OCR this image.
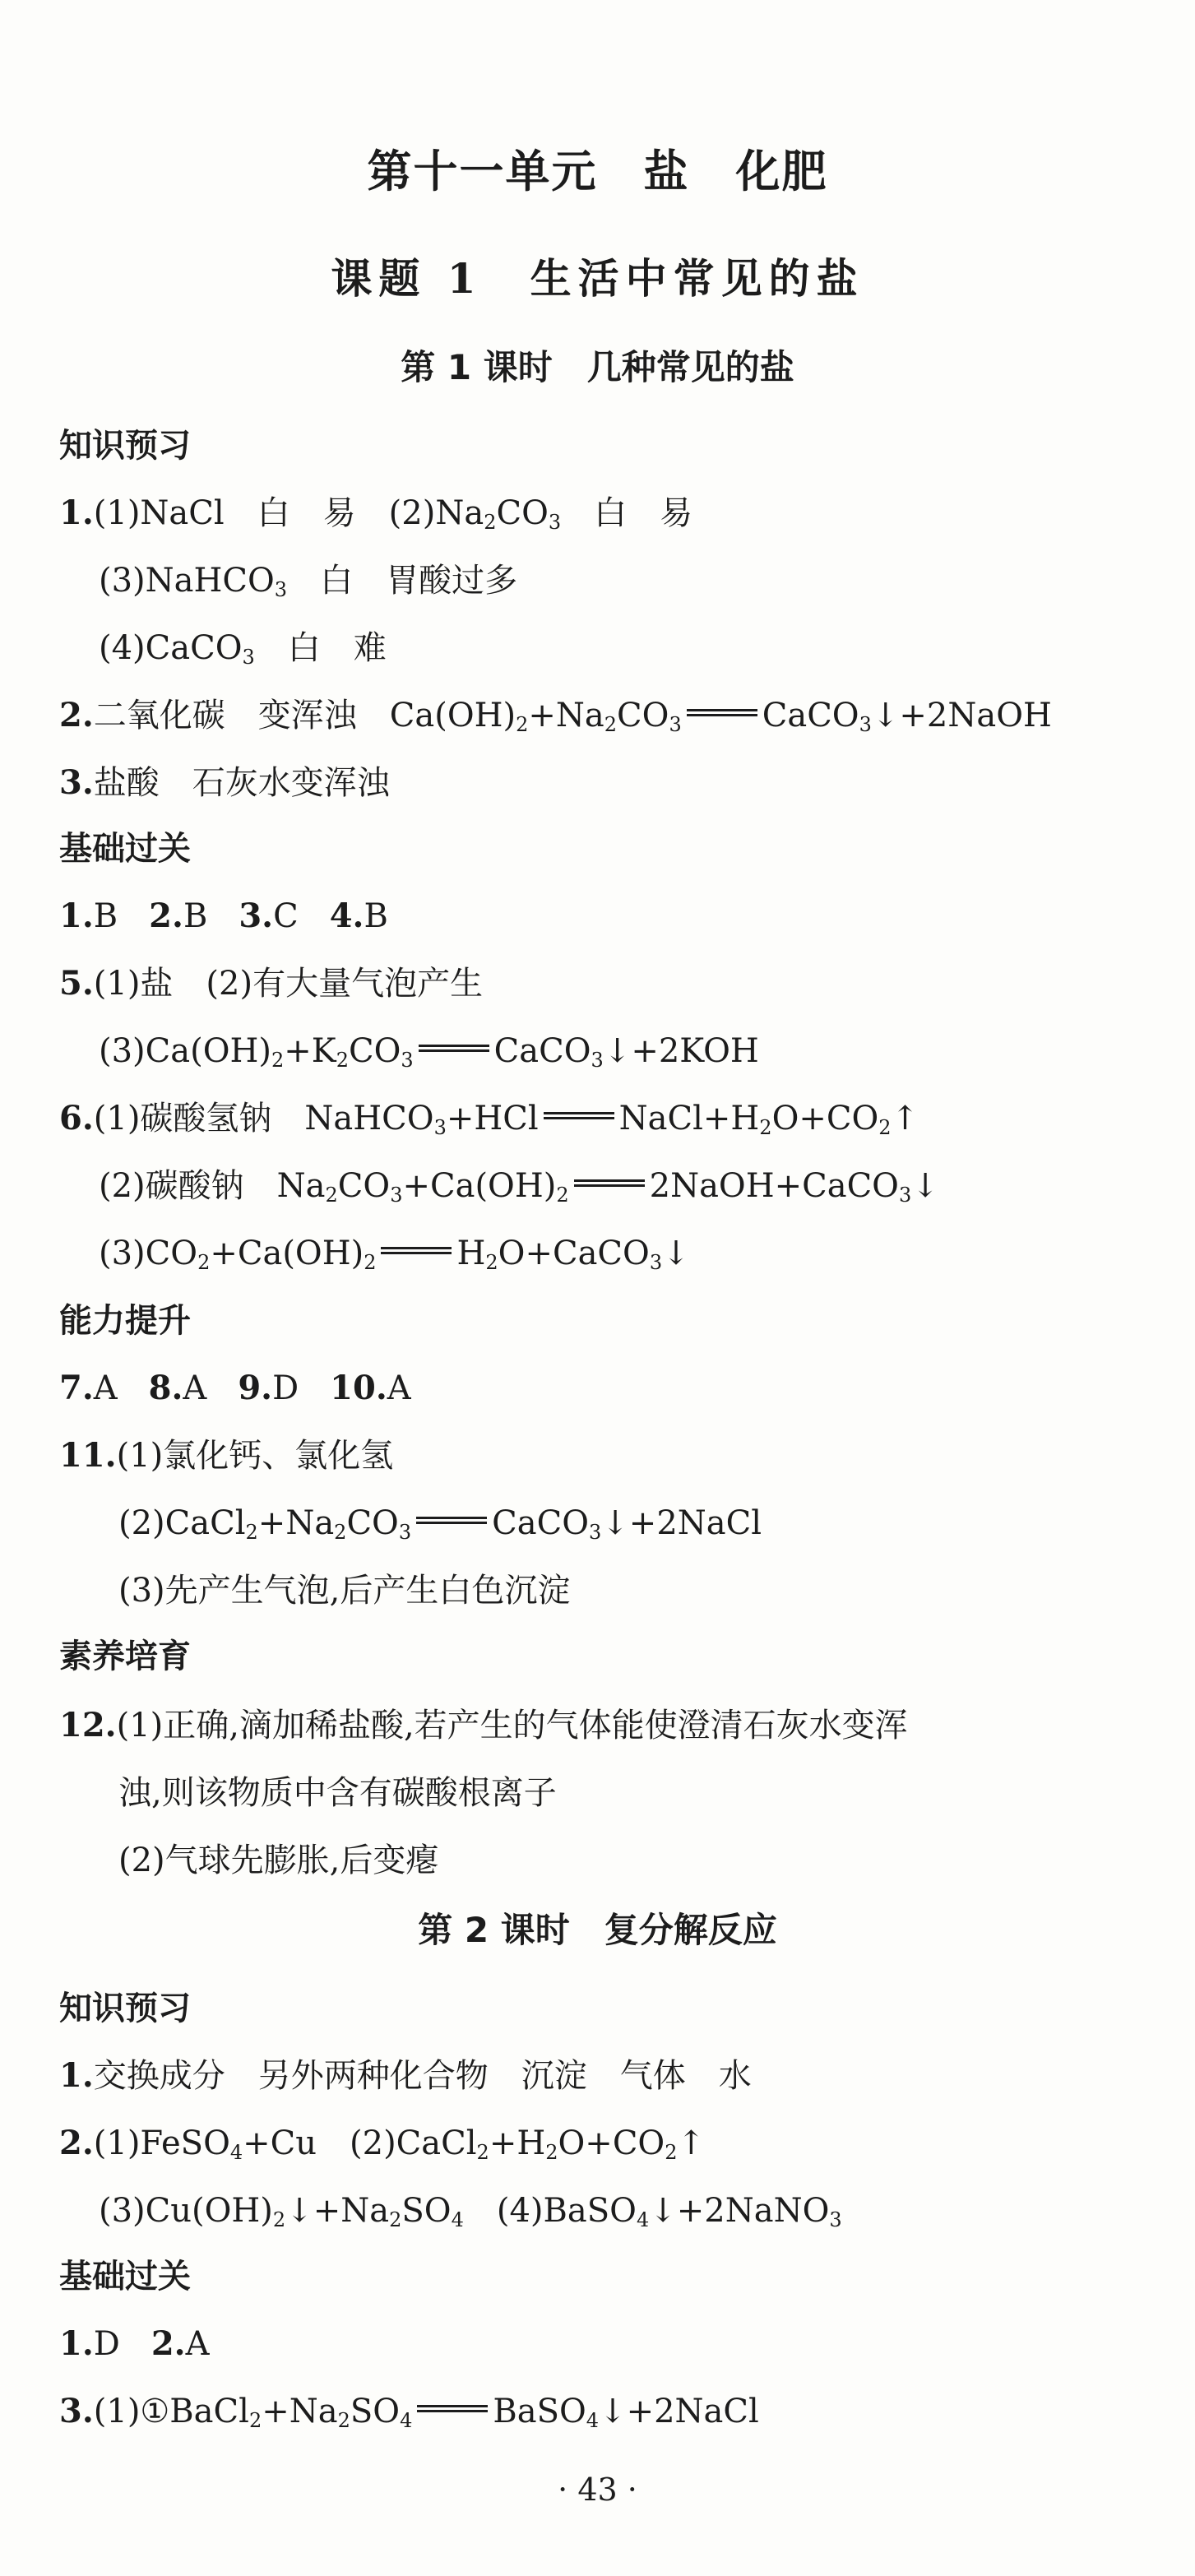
第十一单元　盐　化肥
课题 1　生活中常见的盐
第 1 课时　几种常见的盐
知识预习
1.(1)NaCl　白　易　$(2)Na_2CO_3$　白　易
(3)NaHCO$_3$　白　胃酸过多
(4)CaCO$_3$　白　难
2.二氧化碳　变浑浊　$Ca(OH)_2+Na_2CO_3$ CaCO$_3$↓+2NaOH
3.盐酸　石灰水变浑浊
基础过关
1.B 2.B 3.C 4.B
5.(1)盐　(2)有大量气泡产生
$(3)Ca(OH)_2+K_2CO_3$ CaCO$_3$↓+2KOH
6.(1)碳酸氢钠　NaHCO$_3$+HCl $NaCl+H_2O+CO_2↑$
(2)碳酸钠　$Na_2CO_3+Ca(OH)_2$ 2NaOH+CaCO$_3$↓
$(3)CO_2+Ca(OH)_2$ $H_2O+CaCO_3↓$
能力提升
7.A 8.A 9.D 10.A
11.(1)氯化钙、氯化氢
$(2)CaCl_2+Na_2CO_3$ CaCO$_3$↓+2NaCl
(3)先产生气泡,后产生白色沉淀
素养培育
12.(1)正确,滴加稀盐酸,若产生的气体能使澄清石灰水变浑
浊,则该物质中含有碳酸根离子
(2)气球先膨胀,后变瘪
第 2 课时　复分解反应
知识预习
1.交换成分　另外两种化合物　沉淀　气体　水
2.(1)FeSO$_4$+Cu　$(2)CaCl_2+H_2O+CO_2↑$
$(3)Cu(OH)_2↓+Na_2SO_4$　(4)BaSO$_4$↓+2NaNO$_3$
基础过关
1.D 2.A
$3.(1)①BaCl_2+Na_2SO_4$ BaSO$_4$↓+2NaCl
· 43 ·
